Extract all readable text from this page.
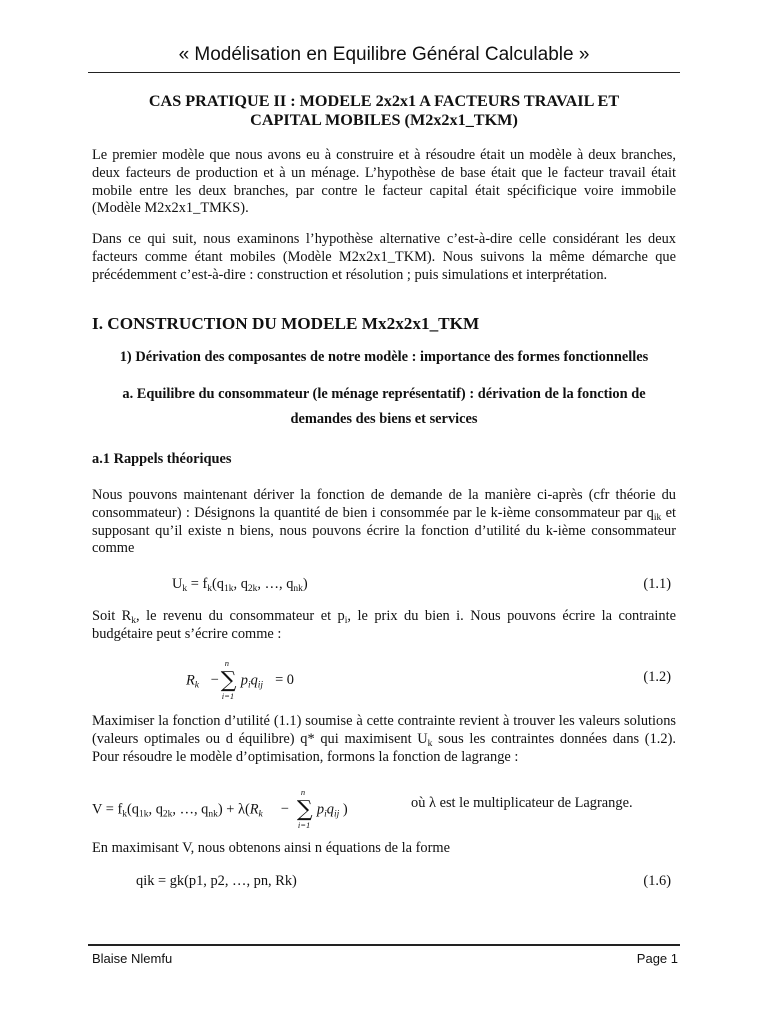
« Modélisation en Equilibre Général Calculable »
CAS PRATIQUE II : MODELE 2x2x1 A FACTEURS TRAVAIL ET
CAPITAL MOBILES (M2x2x1_TKM)
Le premier modèle que nous avons eu à construire et à résoudre était un modèle à deux branches, deux facteurs de production et à un ménage. L’hypothèse de base était que le facteur travail était mobile entre les deux branches, par contre le facteur capital était spécificique voire immobile (Modèle M2x2x1_TMKS).
Dans ce qui suit, nous examinons l’hypothèse alternative c’est-à-dire celle considérant les deux facteurs comme étant mobiles (Modèle M2x2x1_TKM). Nous suivons la même démarche que précédemment c’est-à-dire : construction et résolution ; puis simulations et interprétation.
I. CONSTRUCTION DU MODELE Mx2x2x1_TKM
1) Dérivation des composantes de notre modèle : importance des formes fonctionnelles
a. Equilibre du consommateur (le ménage représentatif) : dérivation de la fonction de
demandes des biens et services
a.1 Rappels théoriques
Nous pouvons maintenant dériver la fonction de demande de la manière ci-après (cfr théorie du consommateur) : Désignons la quantité de bien i consommée par le k-ième consommateur par $q_{ik}$ et supposant qu’il existe n biens, nous pouvons écrire la fonction d’utilité du k-ième consommateur comme
$U_k = f_k(q_{1k}$, $q_{2k}$, …, $q_{nk}$)	(1.1)
Soit $R_k$, le revenu du consommateur et $p_i$, le prix du bien i. Nous pouvons écrire la contrainte budgétaire peut s’écrire comme :
$R_k$ −
n
∑
i=1
$p_iq_{ij} = 0$	(1.2)
Maximiser la fonction d’utilité (1.1) soumise à cette contrainte revient à trouver les valeurs solutions (valeurs optimales ou d équilibre) q* qui maximisent $U_k$ sous les contraintes données dans (1.2). Pour résoudre le modèle d’optimisation, formons la fonction de lagrange :
$V = f_k(q_{1k}$, $q_{2k}$, …, $q_{nk}) + \lambda(R_k$ −
n
∑
i=1
$p_iq_{ij}$ )	où λ est le multiplicateur de Lagrange.
En maximisant V, nous obtenons ainsi n équations de la forme
qik = gk(p1, p2, …, pn, Rk)	(1.6)
Blaise Nlemfu	Page 1
